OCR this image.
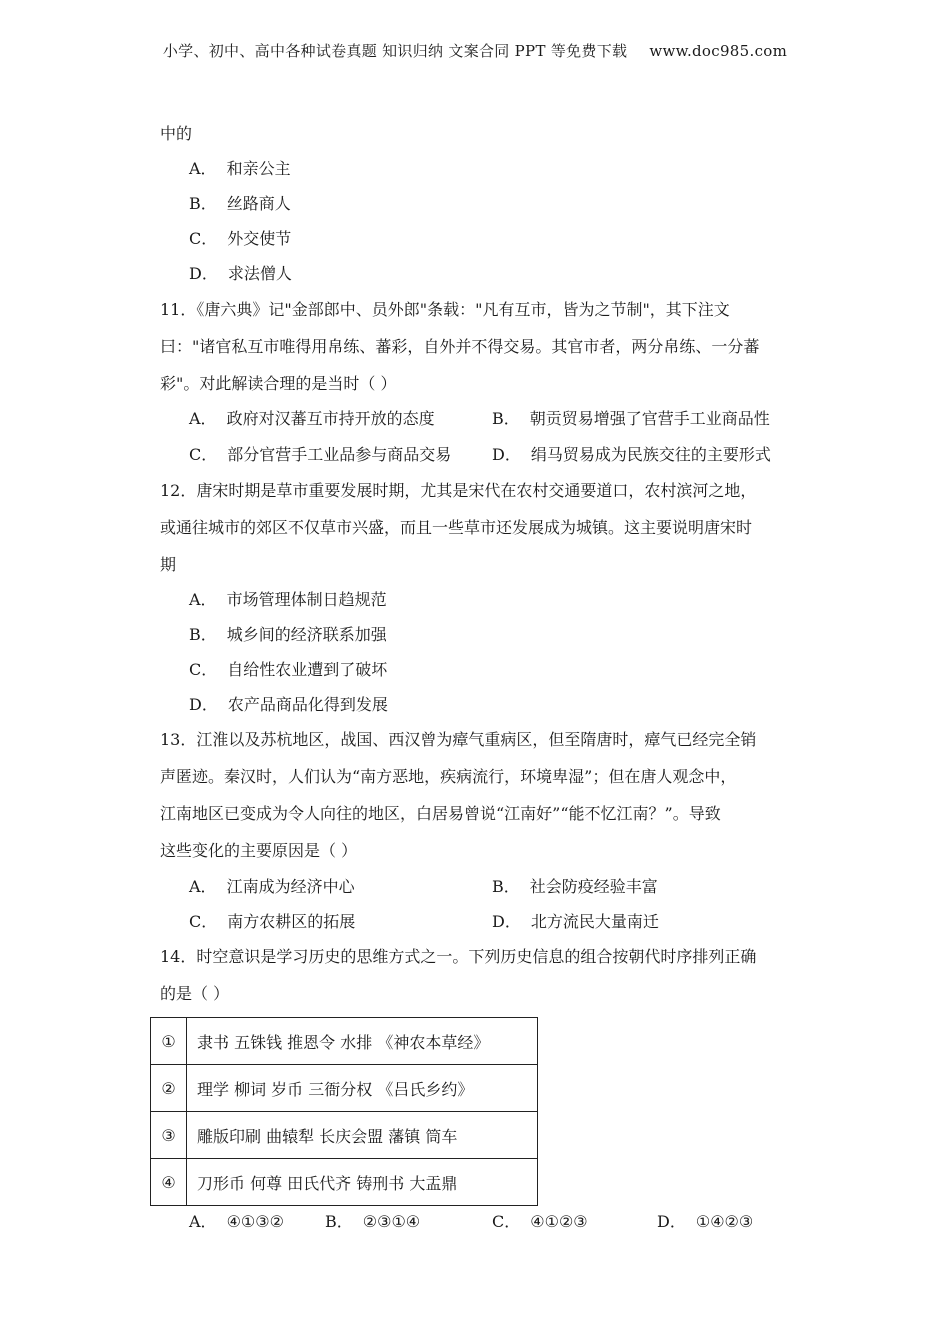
小学、初中、高中各种试卷真题 知识归纳 文案合同 PPT 等免费下载 www.doc985.com
中的
A． 和亲公主
B． 丝路商人
C． 外交使节
D． 求法僧人
11．《唐六典》记"金部郎中、员外郎"条载："凡有互市，皆为之节制"，其下注文
曰："诸官私互市唯得用帛练、蕃彩，自外并不得交易。其官市者，两分帛练、一分蕃
彩"。对此解读合理的是当时（ ）
A． 政府对汉蕃互市持开放的态度	B． 朝贡贸易增强了官营手工业商品性
C． 部分官营手工业品参与商品交易	D． 绢马贸易成为民族交往的主要形式
12．唐宋时期是草市重要发展时期，尤其是宋代在农村交通要道口，农村滨河之地，
或通往城市的郊区不仅草市兴盛，而且一些草市还发展成为城镇。这主要说明唐宋时
期
A． 市场管理体制日趋规范
B． 城乡间的经济联系加强
C． 自给性农业遭到了破坏
D． 农产品商品化得到发展
13．江淮以及苏杭地区，战国、西汉曾为瘴气重病区，但至隋唐时，瘴气已经完全销
声匿迹。秦汉时，人们认为“南方恶地，疾病流行，环境卑湿”；但在唐人观念中，
江南地区已变成为令人向往的地区，白居易曾说“江南好”“能不忆江南？”。导致
这些变化的主要原因是（ ）
A． 江南成为经济中心	B． 社会防疫经验丰富
C． 南方农耕区的拓展	D． 北方流民大量南迁
14．时空意识是学习历史的思维方式之一。下列历史信息的组合按朝代时序排列正确
的是（ ）
①	隶书 五铢钱 推恩令 水排 《神农本草经》
②	理学 柳词 岁币 三衙分权 《吕氏乡约》
③	雕版印刷 曲辕犁 长庆会盟 藩镇 筒车
④	刀形币 何尊 田氏代齐 铸刑书 大盂鼎
A． ④①③②	B． ②③①④	C． ④①②③	D． ①④②③
